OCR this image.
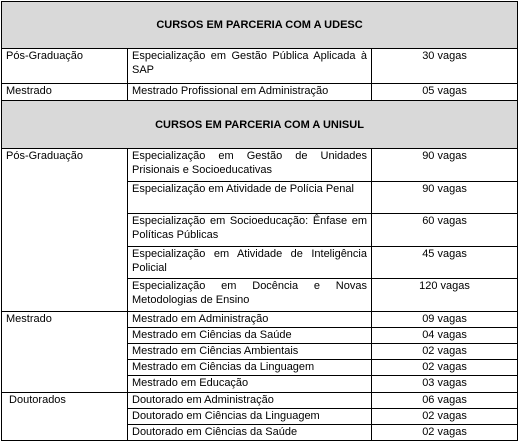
CURSOS EM PARCERIA COM A UDESC		
Pós-Graduação	Especialização em Gestão Pública Aplicada à SAP	30 vagas
Mestrado	Mestrado Profissional em Administração	05 vagas
CURSOS EM PARCERIA COM A UNISUL		
Pós-Graduação	Especialização em Gestão de Unidades Prisionais e Socioeducativas	90 vagas
	Especialização em Atividade de Polícia Penal	90 vagas
	Especialização em Socioeducação: Ênfase em Políticas Públicas	60 vagas
	Especialização em Atividade de Inteligência Policial	45 vagas
	Especialização em Docência e Novas Metodologias de Ensino	120 vagas
Mestrado	Mestrado em Administração	09 vagas
	Mestrado em Ciências da Saúde	04 vagas
	Mestrado em Ciências Ambientais	02 vagas
	Mestrado em Ciências da Linguagem	02 vagas
	Mestrado em Educação	03 vagas
Doutorados	Doutorado em Administração	06 vagas
	Doutorado em Ciências da Linguagem	02 vagas
	Doutorado em Ciências da Saúde	02 vagas
